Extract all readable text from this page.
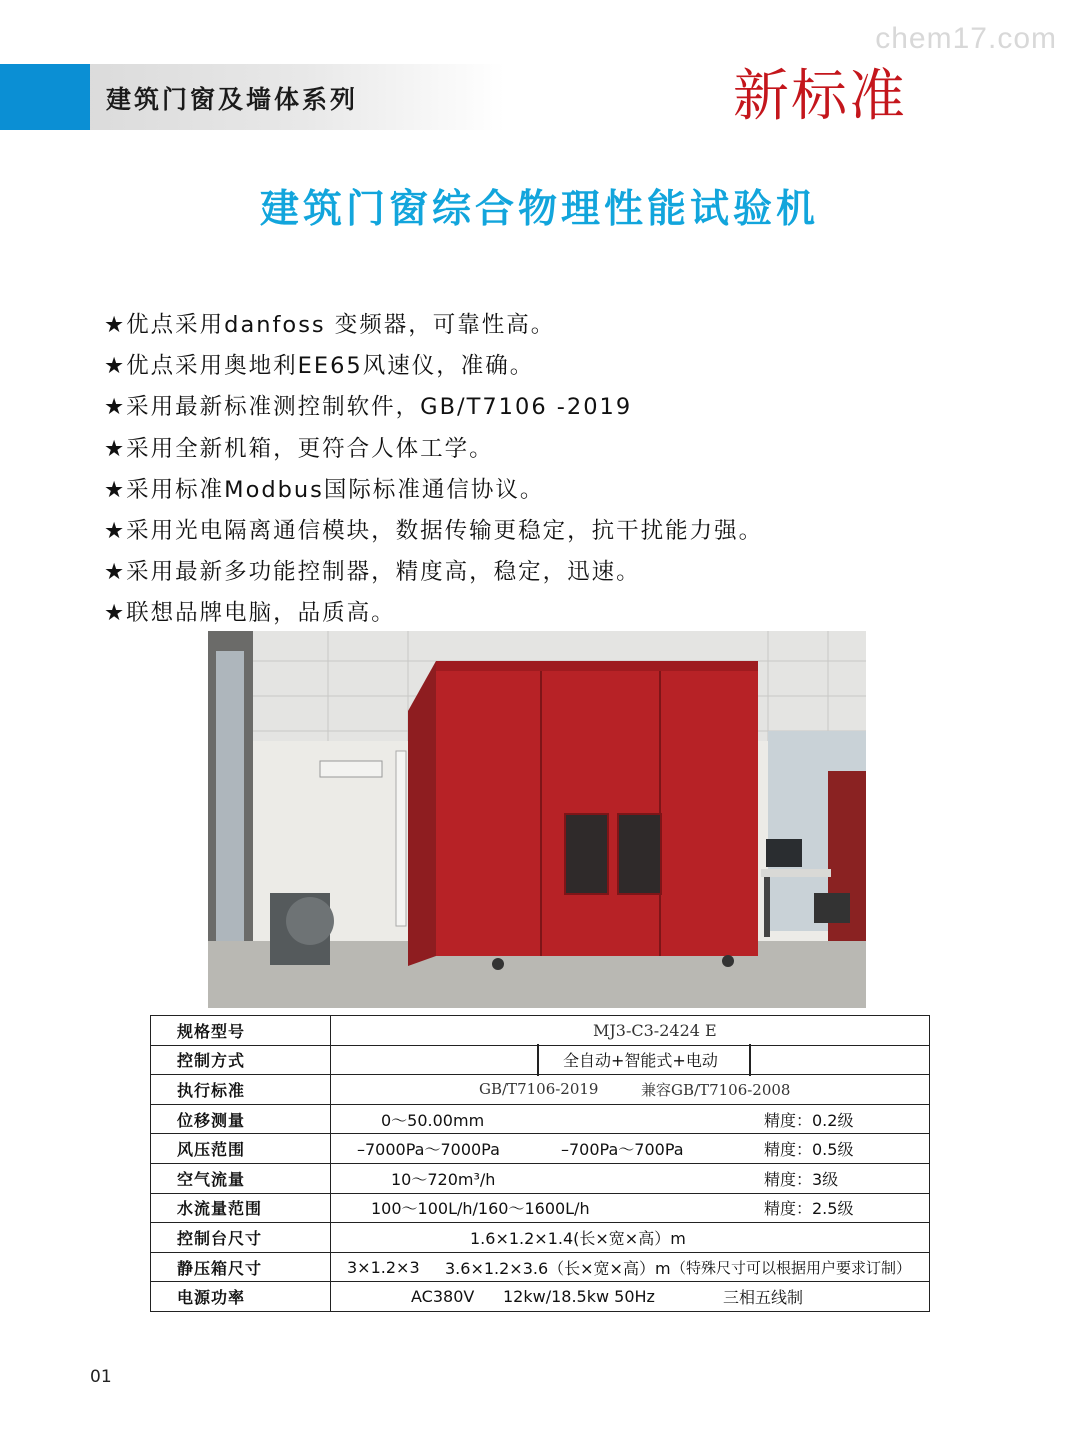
chem17.com
建筑门窗及墙体系列	新标准
建筑门窗综合物理性能试验机
★优点采用danfoss 变频器，可靠性高。
★优点采用奥地利EE65风速仪，准确。
★采用最新标准测控制软件，GB/T7106 -2019
★采用全新机箱，更符合人体工学。
★采用标准Modbus国际标准通信协议。
★采用光电隔离通信模块，数据传输更稳定，抗干扰能力强。
★采用最新多功能控制器，精度高，稳定，迅速。
★联想品牌电脑，品质高。
规格型号	MJ3-C3-2424 E

控制方式	全自动+智能式+电动

执行标准	GB/T7106-2019 兼容GB/T7106-2008

位移测量	0～50.00mm 精度：0.2级

风压范围	–7000Pa～7000Pa –700Pa～700Pa 精度：0.5级

空气流量	10～720m³/h 精度：3级

水流量范围	100～100L/h/160～1600L/h 精度：2.5级

控制台尺寸	1.6×1.2×1.4(长×宽×高）m

静压箱尺寸	3×1.2×3 3.6×1.2×3.6（长×宽×高）m （特殊尺寸可以根据用户要求订制）

电源功率	AC380V 12kw/18.5kw 50Hz 三相五线制
01
